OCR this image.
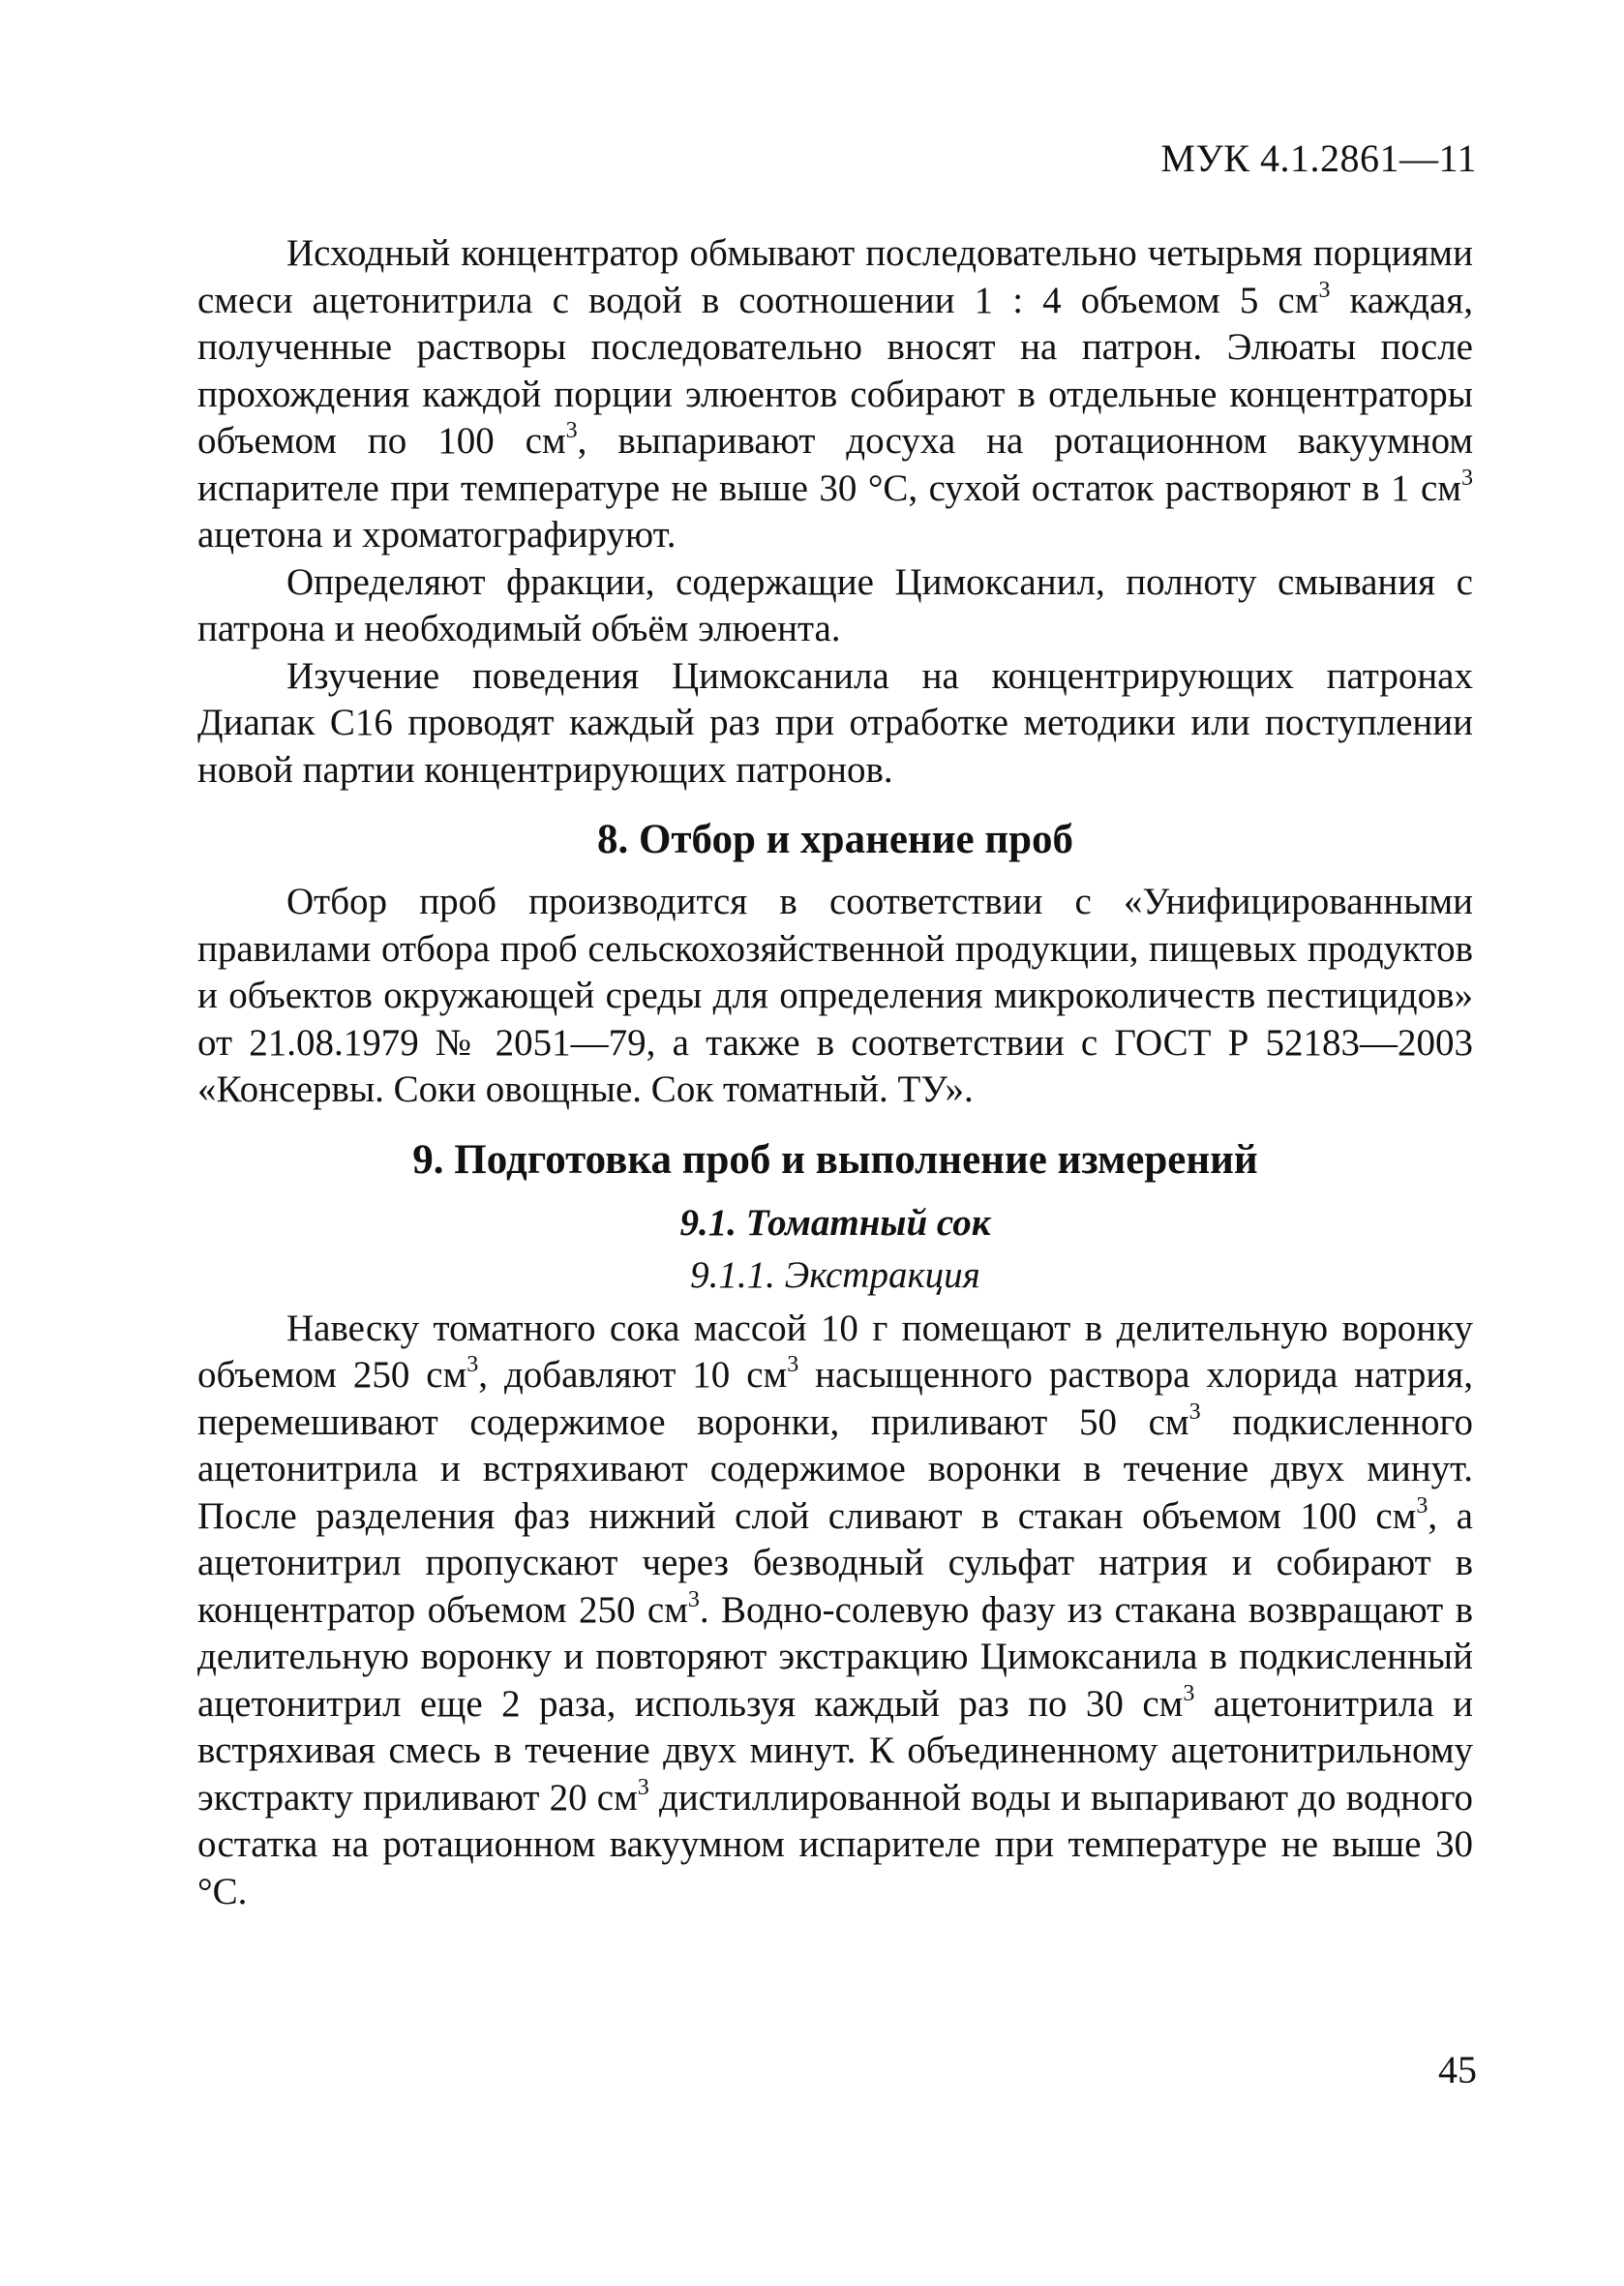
МУК 4.1.2861—11

Исходный концентратор обмывают последовательно четырьмя порциями смеси ацетонитрила с водой в соотношении 1 : 4 объемом 5 $см^3$ каждая, полученные растворы последовательно вносят на патрон. Элюаты после прохождения каждой порции элюентов собирают в отдельные концентраторы объемом по 100 $см^3$, выпаривают досуха на ротационном вакуумном испарителе при температуре не выше 30 °С, сухой остаток растворяют в 1 $см^3$ ацетона и хроматографируют.

Определяют фракции, содержащие Цимоксанил, полноту смывания с патрона и необходимый объём элюента.

Изучение поведения Цимоксанила на концентрирующих патронах Диапак С16 проводят каждый раз при отработке методики или поступлении новой партии концентрирующих патронов.

8. Отбор и хранение проб

Отбор проб производится в соответствии с «Унифицированными правилами отбора проб сельскохозяйственной продукции, пищевых продуктов и объектов окружающей среды для определения микроколичеств пестицидов» от 21.08.1979 № 2051—79, а также в соответствии с ГОСТ Р 52183—2003 «Консервы. Соки овощные. Сок томатный. ТУ».

9. Подготовка проб и выполнение измерений
9.1. Томатный сок
9.1.1. Экстракция

Навеску томатного сока массой 10 г помещают в делительную воронку объемом 250 $см^3$, добавляют 10 $см^3$ насыщенного раствора хлорида натрия, перемешивают содержимое воронки, приливают 50 $см^3$ подкисленного ацетонитрила и встряхивают содержимое воронки в течение двух минут. После разделения фаз нижний слой сливают в стакан объемом 100 $см^3$, а ацетонитрил пропускают через безводный сульфат натрия и собирают в концентратор объемом 250 $см^3$. Водно-солевую фазу из стакана возвращают в делительную воронку и повторяют экстракцию Цимоксанила в подкисленный ацетонитрил еще 2 раза, используя каждый раз по 30 $см^3$ ацетонитрила и встряхивая смесь в течение двух минут. К объединенному ацетонитрильному экстракту приливают 20 $см^3$ дистиллированной воды и выпаривают до водного остатка на ротационном вакуумном испарителе при температуре не выше 30 °С.

45
